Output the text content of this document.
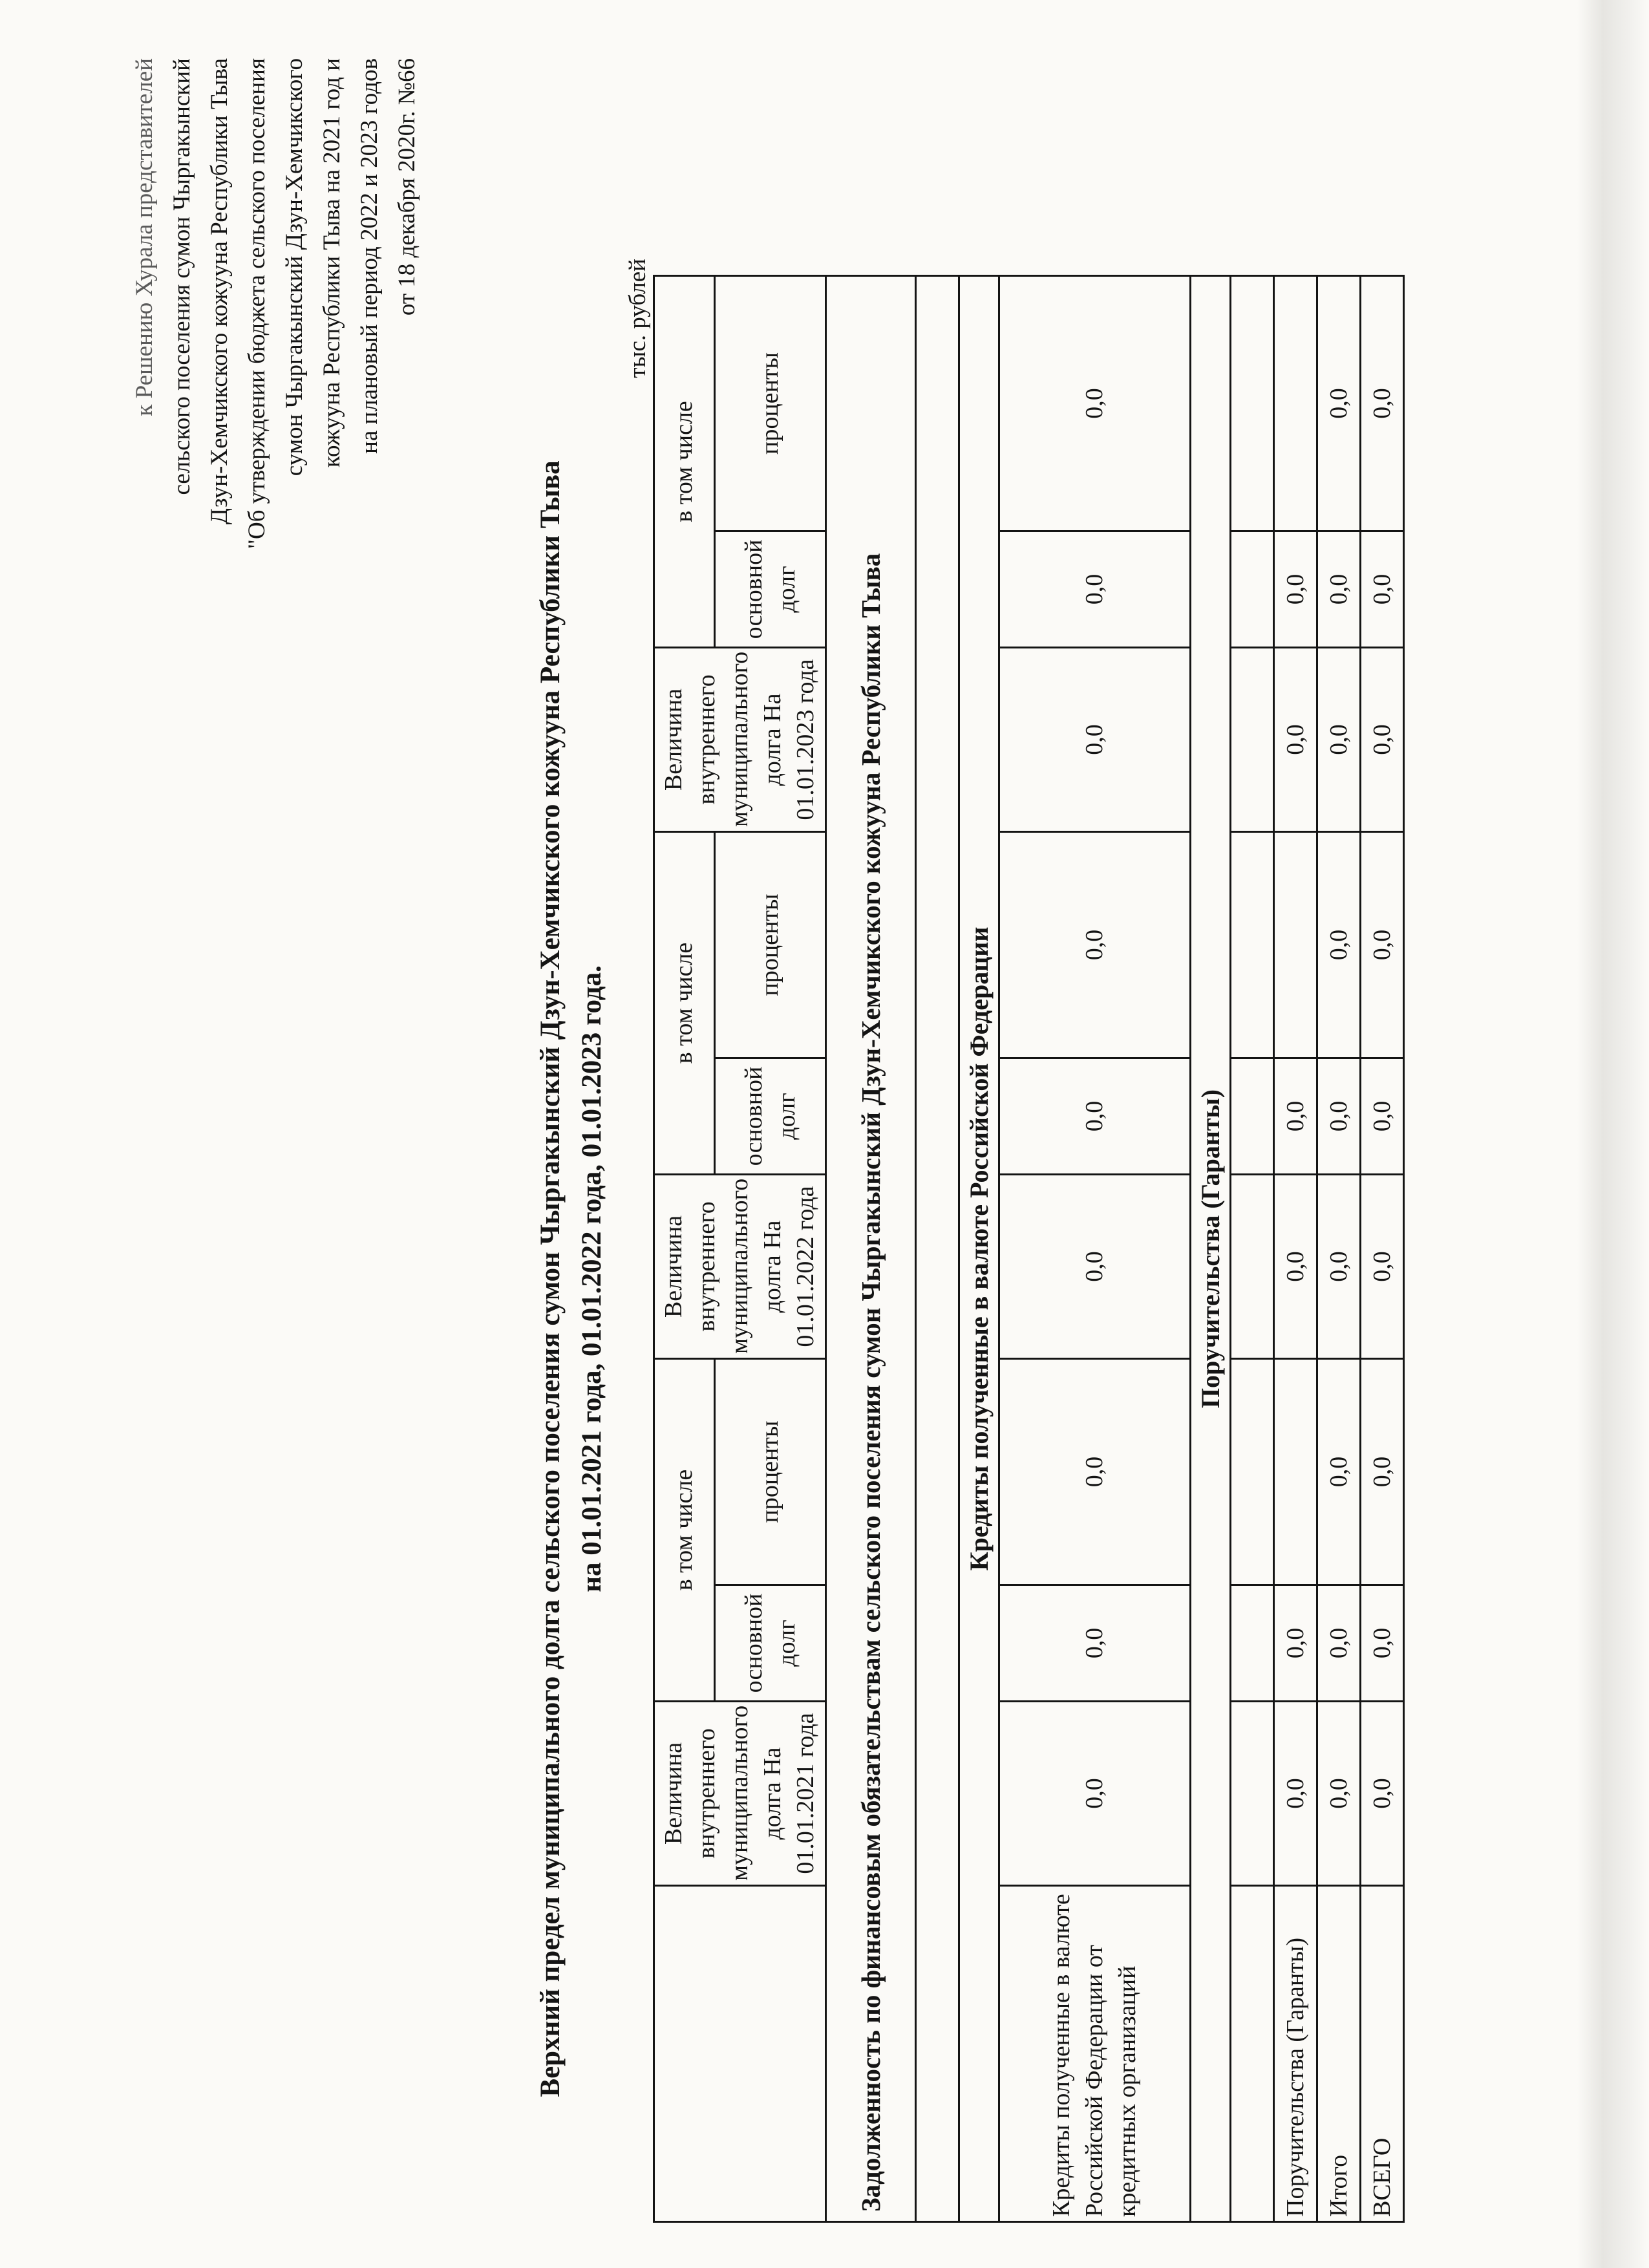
к Решению Хурала представителей сельского поселения сумон Чыргакынский Дзун-Хемчикского кожууна Республики Тыва "Об утверждении бюджета сельского поселения сумон Чыргакынский Дзун-Хемчикского кожууна Республики Тыва на 2021 год и на плановый период 2022 и 2023 годов от 18 декабря 2020г. №66
Верхний предел муниципального долга сельского поселения сумон Чыргакынский Дзун-Хемчикского кожууна Республики Тыва на 01.01.2021 года, 01.01.2022 года, 01.01.2023 года.
тыс. рублей
	Величина внутреннего муниципального долга На 01.01.2021 года	в том числе		Величина внутреннего муниципального долга На 01.01.2022 года	в том числе		Величина внутреннего муниципального долга На 01.01.2023 года	в том числе	
		основной долг	проценты		основной долг	проценты		основной долг	проценты
Задолженность по финансовым обязательствам сельского поселения сумон Чыргакынский Дзун-Хемчикского кожууна Республики Тыва									

Кредиты полученные в валюте Российской Федерации									
Кредиты полученные в валюте Российской Федерации от кредитных организаций	0,0	0,0	0,0	0,0	0,0	0,0	0,0	0,0	0,0
Поручительства (Гаранты)									

Поручительства (Гаранты)	0,0	0,0		0,0	0,0		0,0	0,0	
Итого	0,0	0,0	0,0	0,0	0,0	0,0	0,0	0,0	0,0
ВСЕГО	0,0	0,0	0,0	0,0	0,0	0,0	0,0	0,0	0,0
